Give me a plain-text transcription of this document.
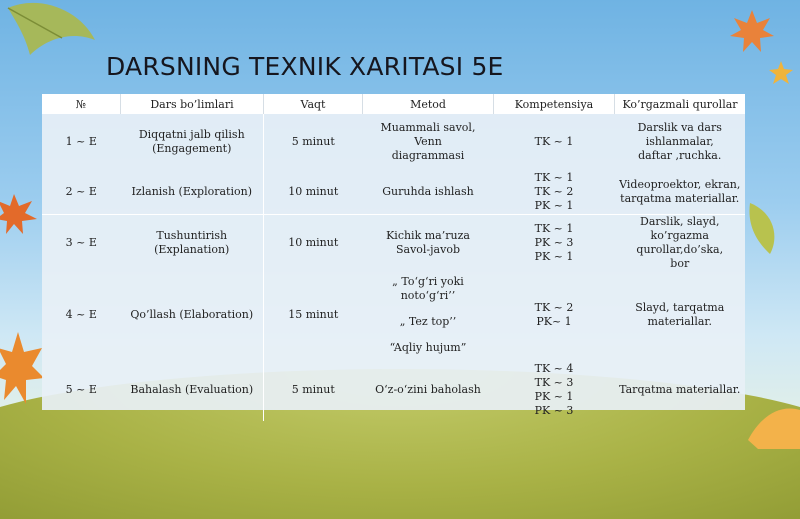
DARSNING TEXNIK XARITASI 5E
№	Dars bo’limlari	Vaqt	Metod	Kompetensiya	Ko’rgazmali qurollar
1 ~ E	Diqqatni jalb qilish
(Engagement)	5 minut	Muammali savol, Venn
diagrammasi	TK ~ 1	Darslik va dars
ishlanmalar,
daftar ,ruchka.
2 ~ E	Izlanish (Exploration)	10 minut	Guruhda ishlash	TK ~ 1
TK ~ 2
PK ~ 1	Videoproektor, ekran,
tarqatma materiallar.
3 ~ E	Tushuntirish
(Explanation)	10 minut	Kichik ma’ruza
Savol-javob	TK ~ 1
PK ~ 3
PK ~ 1	Darslik, slayd, ko’rgazma
qurollar,do’ska,
bor
4 ~ E	Qo’llash (Elaboration)	15 minut	„ To‘g‘ri yoki noto‘g‘ri’’
„ Tez top’’
“Aqliy hujum”	TK ~ 2
PK~ 1	Slayd, tarqatma
materiallar.
5 ~ E	Bahalash (Evaluation)	5 minut	O‘z-o‘zini baholash	TK ~ 4
TK ~ 3
PK ~ 1
PK ~ 3	Tarqatma materiallar.
